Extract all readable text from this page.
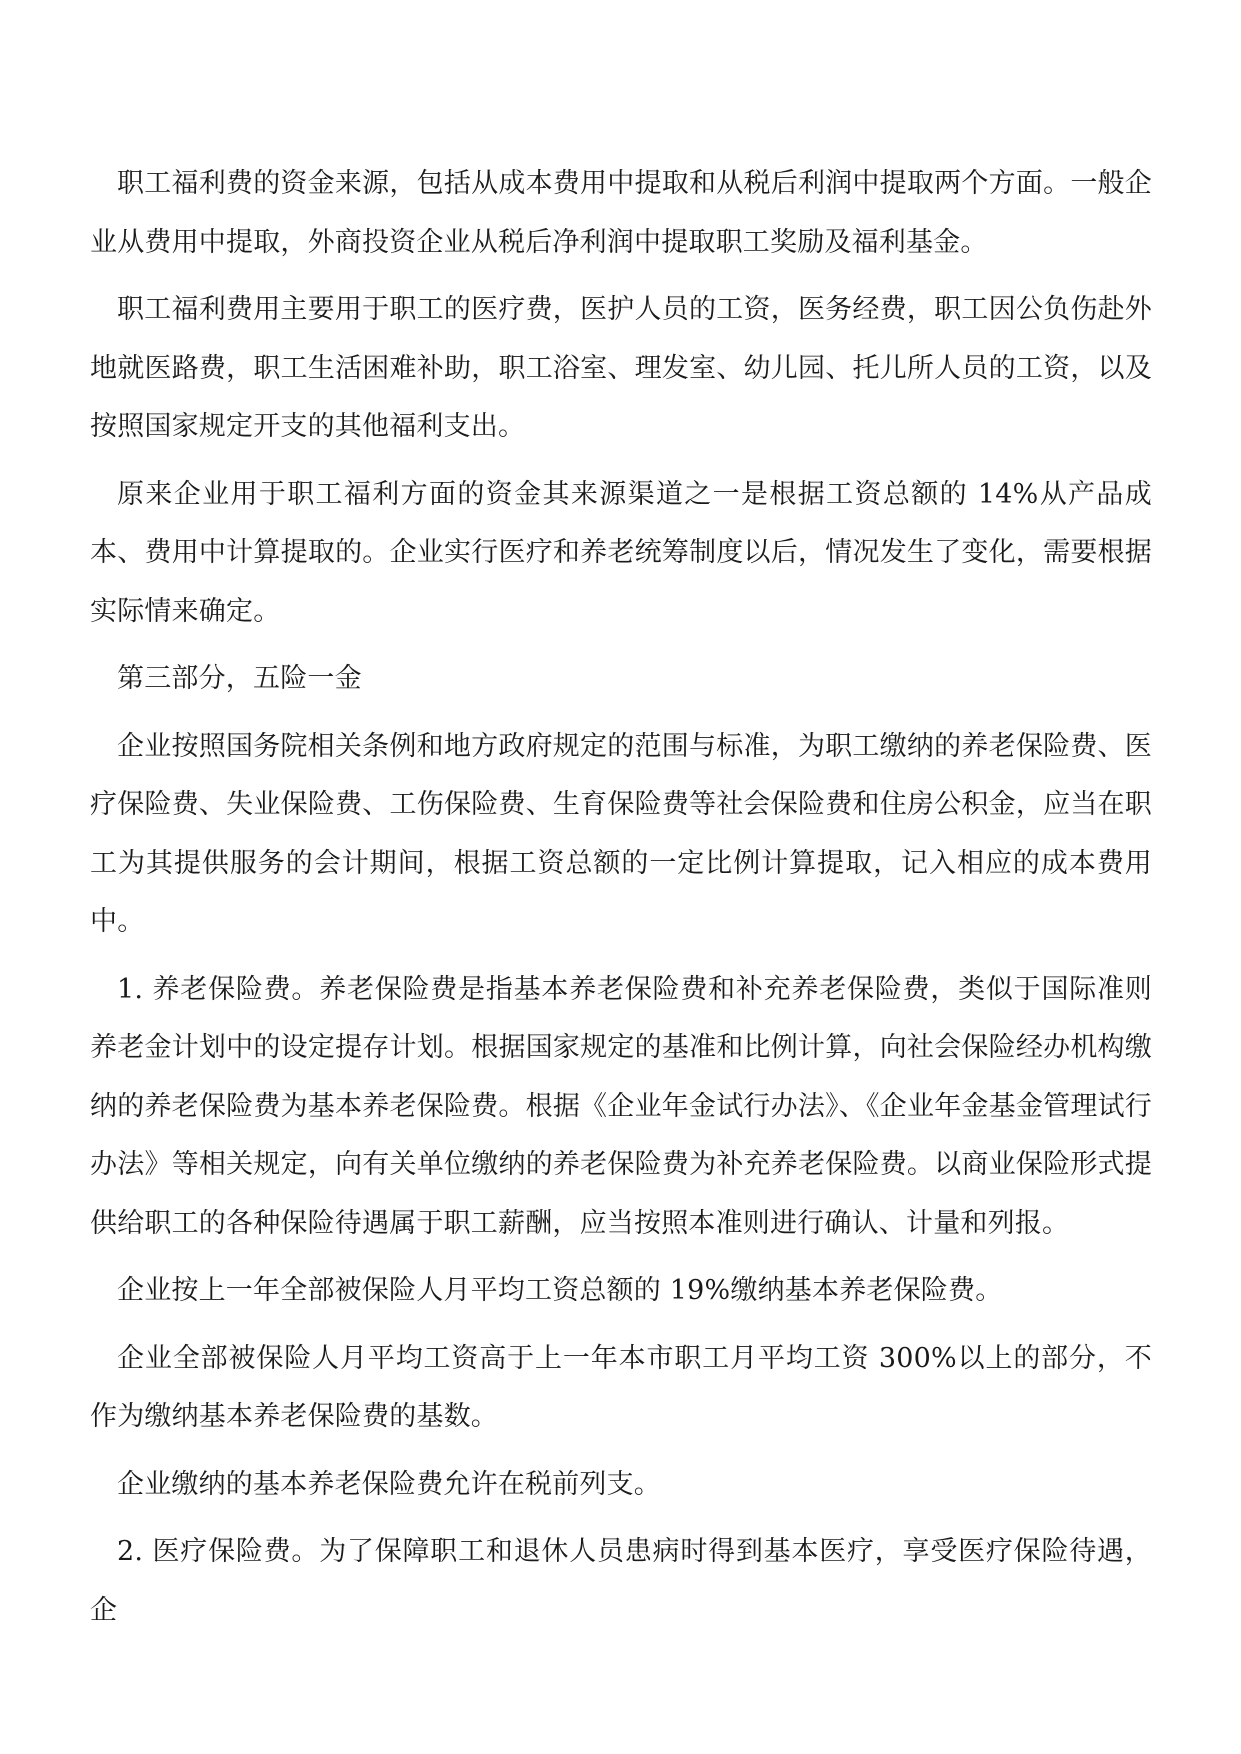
职工福利费的资金来源，包括从成本费用中提取和从税后利润中提取两个方面。一般企业从费用中提取，外商投资企业从税后净利润中提取职工奖励及福利基金。

职工福利费用主要用于职工的医疗费，医护人员的工资，医务经费，职工因公负伤赴外地就医路费，职工生活困难补助，职工浴室、理发室、幼儿园、托儿所人员的工资，以及按照国家规定开支的其他福利支出。

原来企业用于职工福利方面的资金其来源渠道之一是根据工资总额的 14%从产品成本、费用中计算提取的。企业实行医疗和养老统筹制度以后，情况发生了变化，需要根据实际情来确定。

第三部分，五险一金

企业按照国务院相关条例和地方政府规定的范围与标准，为职工缴纳的养老保险费、医疗保险费、失业保险费、工伤保险费、生育保险费等社会保险费和住房公积金，应当在职工为其提供服务的会计期间，根据工资总额的一定比例计算提取，记入相应的成本费用中。

1. 养老保险费。养老保险费是指基本养老保险费和补充养老保险费，类似于国际准则养老金计划中的设定提存计划。根据国家规定的基准和比例计算，向社会保险经办机构缴纳的养老保险费为基本养老保险费。根据《企业年金试行办法》、《企业年金基金管理试行办法》等相关规定，向有关单位缴纳的养老保险费为补充养老保险费。以商业保险形式提供给职工的各种保险待遇属于职工薪酬，应当按照本准则进行确认、计量和列报。

企业按上一年全部被保险人月平均工资总额的 19%缴纳基本养老保险费。

企业全部被保险人月平均工资高于上一年本市职工月平均工资 300%以上的部分，不作为缴纳基本养老保险费的基数。

企业缴纳的基本养老保险费允许在税前列支。

2. 医疗保险费。为了保障职工和退休人员患病时得到基本医疗，享受医疗保险待遇，企
